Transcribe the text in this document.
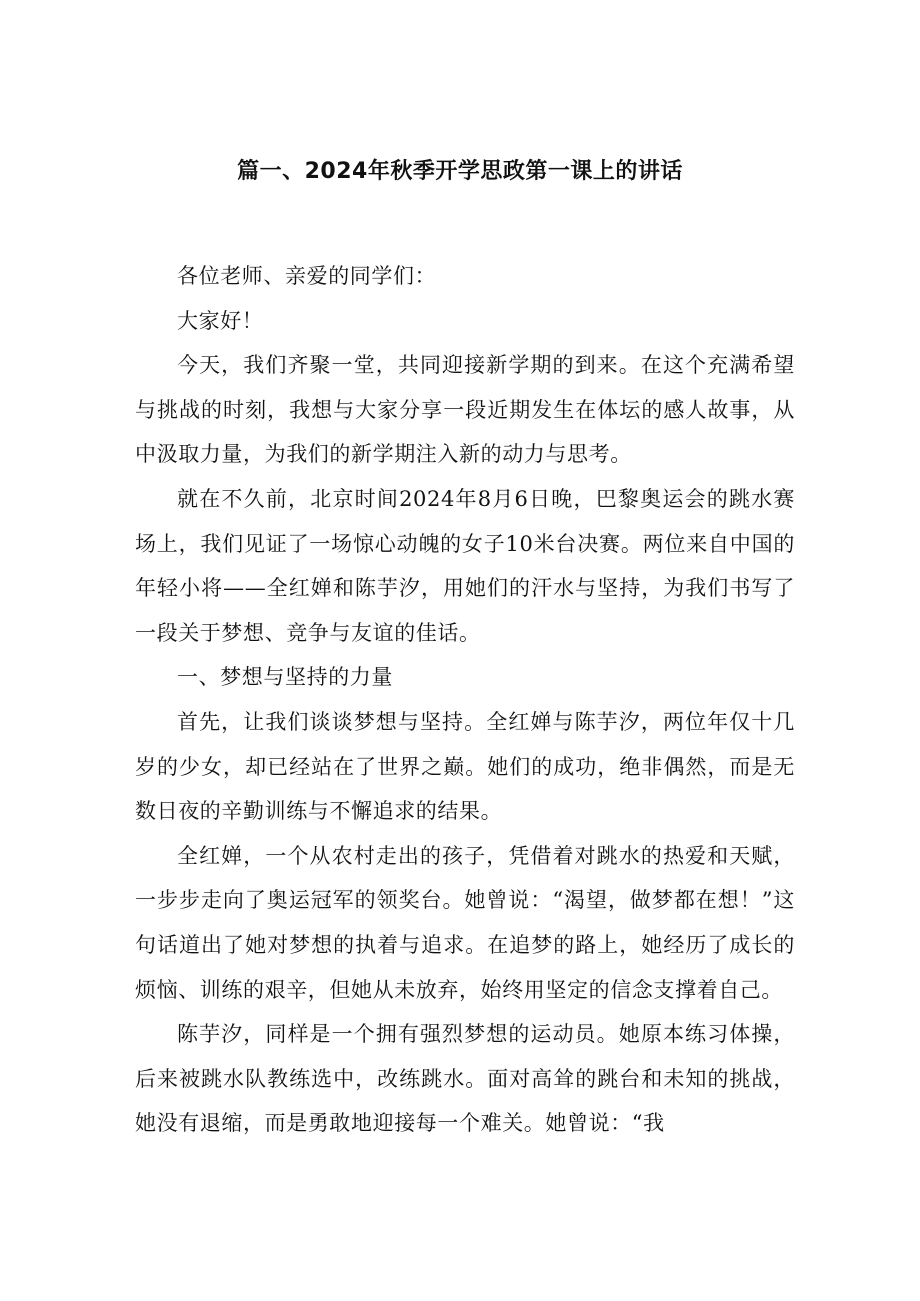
篇一、2024年秋季开学思政第一课上的讲话

各位老师、亲爱的同学们：

大家好！

今天，我们齐聚一堂，共同迎接新学期的到来。在这个充满希望与挑战的时刻，我想与大家分享一段近期发生在体坛的感人故事，从中汲取力量，为我们的新学期注入新的动力与思考。

就在不久前，北京时间2024年8月6日晚，巴黎奥运会的跳水赛场上，我们见证了一场惊心动魄的女子10米台决赛。两位来自中国的年轻小将——全红婵和陈芋汐，用她们的汗水与坚持，为我们书写了一段关于梦想、竞争与友谊的佳话。

一、梦想与坚持的力量

首先，让我们谈谈梦想与坚持。全红婵与陈芋汐，两位年仅十几岁的少女，却已经站在了世界之巅。她们的成功，绝非偶然，而是无数日夜的辛勤训练与不懈追求的结果。

全红婵，一个从农村走出的孩子，凭借着对跳水的热爱和天赋，一步步走向了奥运冠军的领奖台。她曾说：“渴望，做梦都在想！”这句话道出了她对梦想的执着与追求。在追梦的路上，她经历了成长的烦恼、训练的艰辛，但她从未放弃，始终用坚定的信念支撑着自己。

陈芋汐，同样是一个拥有强烈梦想的运动员。她原本练习体操，后来被跳水队教练选中，改练跳水。面对高耸的跳台和未知的挑战，她没有退缩，而是勇敢地迎接每一个难关。她曾说：“我
